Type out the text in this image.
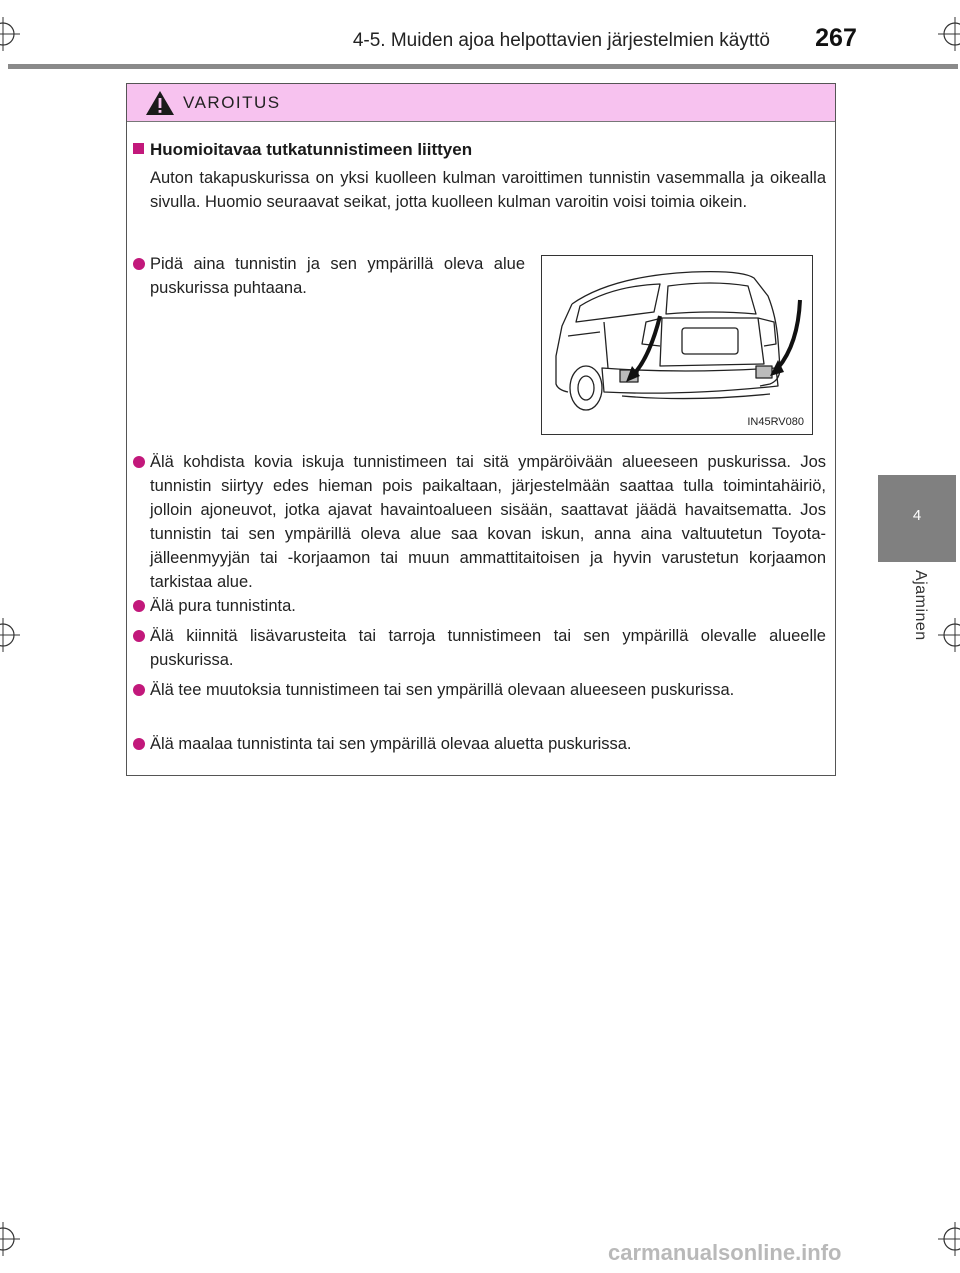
4-5. Muiden ajoa helpottavien järjestelmien käyttö	267
4
Ajaminen
VAROITUS
Huomioitavaa tutkatunnistimeen liittyen
Auton takapuskurissa on yksi kuolleen kulman varoittimen tunnistin vasemmalla ja oikealla sivulla. Huomio seuraavat seikat, jotta kuolleen kulman varoitin voisi toimia oikein.
Pidä aina tunnistin ja sen ympärillä oleva alue puskurissa puhtaana.
IN45RV080
Älä kohdista kovia iskuja tunnistimeen tai sitä ympäröivään alueeseen puskurissa. Jos tunnistin siirtyy edes hieman pois paikaltaan, järjestelmään saattaa tulla toimintahäiriö, jolloin ajoneuvot, jotka ajavat havaintoalueen sisään, saattavat jäädä havaitsematta. Jos tunnistin tai sen ympärillä oleva alue saa kovan iskun, anna aina valtuutetun Toyota-jälleenmyyjän tai -korjaamon tai muun ammattitaitoisen ja hyvin varustetun korjaamon tarkistaa alue.
Älä pura tunnistinta.
Älä kiinnitä lisävarusteita tai tarroja tunnistimeen tai sen ympärillä olevalle alueelle puskurissa.
Älä tee muutoksia tunnistimeen tai sen ympärillä olevaan alueeseen puskurissa.
Älä maalaa tunnistinta tai sen ympärillä olevaa aluetta puskurissa.
carmanualsonline.info
